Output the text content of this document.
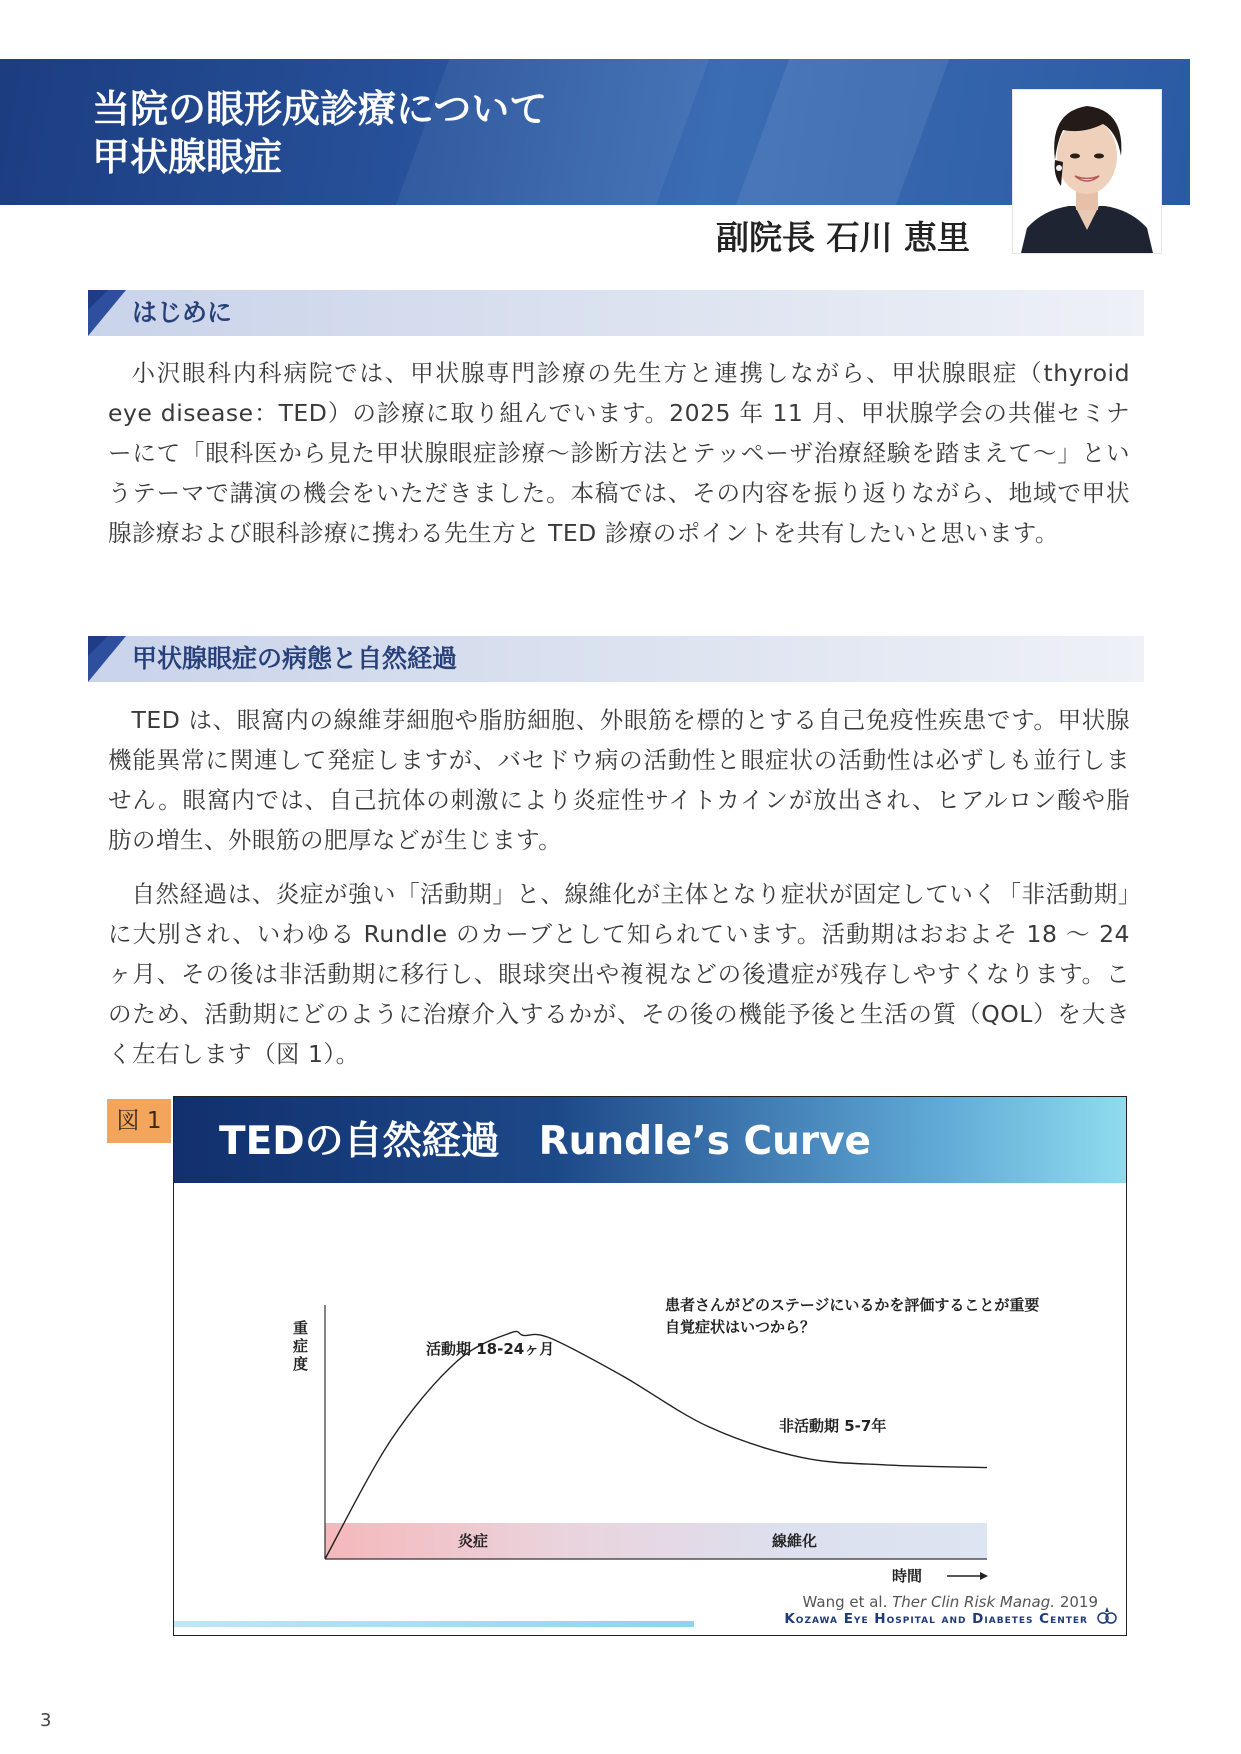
当院の眼形成診療について
甲状腺眼症
副院長 石川 恵里
はじめに
小沢眼科内科病院では、甲状腺専門診療の先生方と連携しながら、甲状腺眼症（thyroid eye disease：TED）の診療に取り組んでいます。2025 年 11 月、甲状腺学会の共催セミナーにて「眼科医から見た甲状腺眼症診療〜診断方法とテッペーザ治療経験を踏まえて〜」というテーマで講演の機会をいただきました。本稿では、その内容を振り返りながら、地域で甲状腺診療および眼科診療に携わる先生方と TED 診療のポイントを共有したいと思います。
甲状腺眼症の病態と自然経過
TED は、眼窩内の線維芽細胞や脂肪細胞、外眼筋を標的とする自己免疫性疾患です。甲状腺機能異常に関連して発症しますが、バセドウ病の活動性と眼症状の活動性は必ずしも並行しません。眼窩内では、自己抗体の刺激により炎症性サイトカインが放出され、ヒアルロン酸や脂肪の増生、外眼筋の肥厚などが生じます。
自然経過は、炎症が強い「活動期」と、線維化が主体となり症状が固定していく「非活動期」に大別され、いわゆる Rundle のカーブとして知られています。活動期はおおよそ 18 〜 24 ヶ月、その後は非活動期に移行し、眼球突出や複視などの後遺症が残存しやすくなります。このため、活動期にどのように治療介入するかが、その後の機能予後と生活の質（QOL）を大きく左右します（図 1）。
図 1 TEDの自然経過　Rundle’s Curve
重症度
患者さんがどのステージにいるかを評価することが重要
自覚症状はいつから？
活動期 18-24ヶ月
非活動期 5-7年
炎症	線維化
時間
Wang et al. Ther Clin Risk Manag. 2019
Kozawa Eye Hospital and Diabetes Center
3
